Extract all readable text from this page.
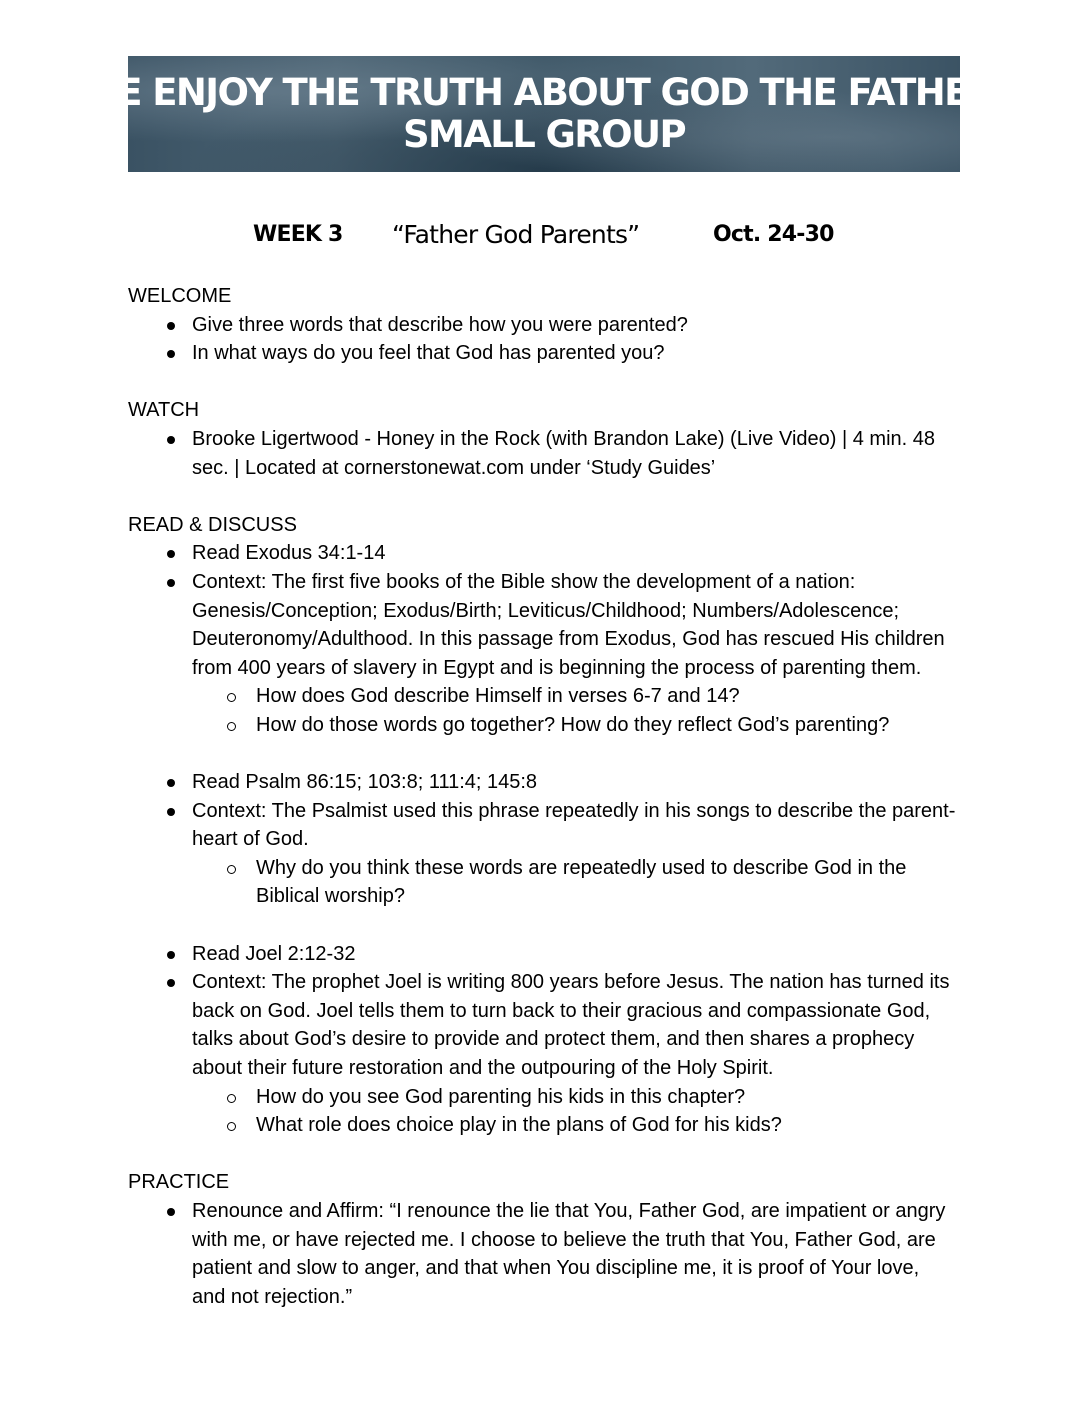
WE ENJOY THE TRUTH ABOUT GOD THE FATHER!
SMALL GROUP
WEEK 3 “Father God Parents”	Oct. 24-30

WELCOME

Give three words that describe how you were parented?
In what ways do you feel that God has parented you?

WATCH

Brooke Ligertwood - Honey in the Rock (with Brandon Lake) (Live Video) | 4 min. 48 sec. | Located at cornerstonewat.com under ‘Study Guides’

READ & DISCUSS

Read Exodus 34:1-14
Context: The first five books of the Bible show the development of a nation: Genesis/Conception; Exodus/Birth; Leviticus/Childhood; Numbers/Adolescence; Deuteronomy/Adulthood. In this passage from Exodus, God has rescued His children from 400 years of slavery in Egypt and is beginning the process of parenting them.
How does God describe Himself in verses 6-7 and 14?
How do those words go together? How do they reflect God’s parenting?
Read Psalm 86:15; 103:8; 111:4; 145:8
Context: The Psalmist used this phrase repeatedly in his songs to describe the parent-heart of God.
Why do you think these words are repeatedly used to describe God in the Biblical worship?
Read Joel 2:12-32
Context: The prophet Joel is writing 800 years before Jesus. The nation has turned its back on God. Joel tells them to turn back to their gracious and compassionate God, talks about God’s desire to provide and protect them, and then shares a prophecy about their future restoration and the outpouring of the Holy Spirit.
How do you see God parenting his kids in this chapter?
What role does choice play in the plans of God for his kids?

PRACTICE

Renounce and Affirm: “I renounce the lie that You, Father God, are impatient or angry with me, or have rejected me. I choose to believe the truth that You, Father God, are patient and slow to anger, and that when You discipline me, it is proof of Your love, and not rejection.”
